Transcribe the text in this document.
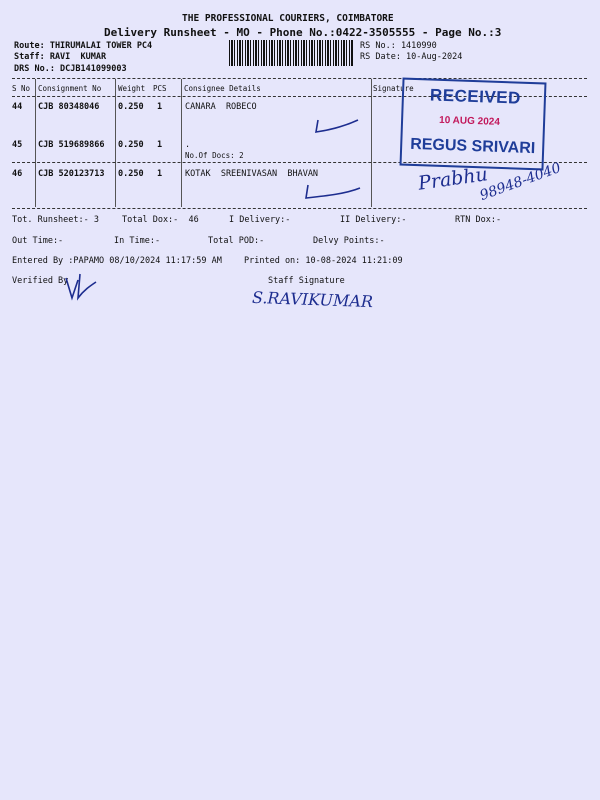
THE PROFESSIONAL COURIERS, COIMBATORE
Delivery Runsheet - MO - Phone No.:0422-3505555 - Page No.:3
Route: THIRUMALAI TOWER PC4
Staff: RAVI  KUMAR
DRS No.: DCJB141099003
RS No.: 1410990
RS Date: 10-Aug-2024
S No Consignment No Weight PCS Consignee Details	Signature
44 CJB 80348046 0.250 1	CANARA  ROBECO
45 CJB 519689866 0.250 1	.
No.Of Docs: 2
46 CJB 520123713 0.250 1	KOTAK  SREENIVASAN  BHAVAN
RECEIVED
10 AUG 2024
REGUS SRIVARI
Prabhu
98948-4040
Tot. Runsheet:- 3	Total Dox:-  46	I Delivery:-	II Delivery:-	RTN Dox:-
Out Time:-	In Time:-	Total POD:-	Delvy Points:-
Entered By :PAPAMO 08/10/2024 11:17:59 AM	Printed on: 10-08-2024 11:21:09
Verified By	Staff Signature
S.RAVIKUMAR
